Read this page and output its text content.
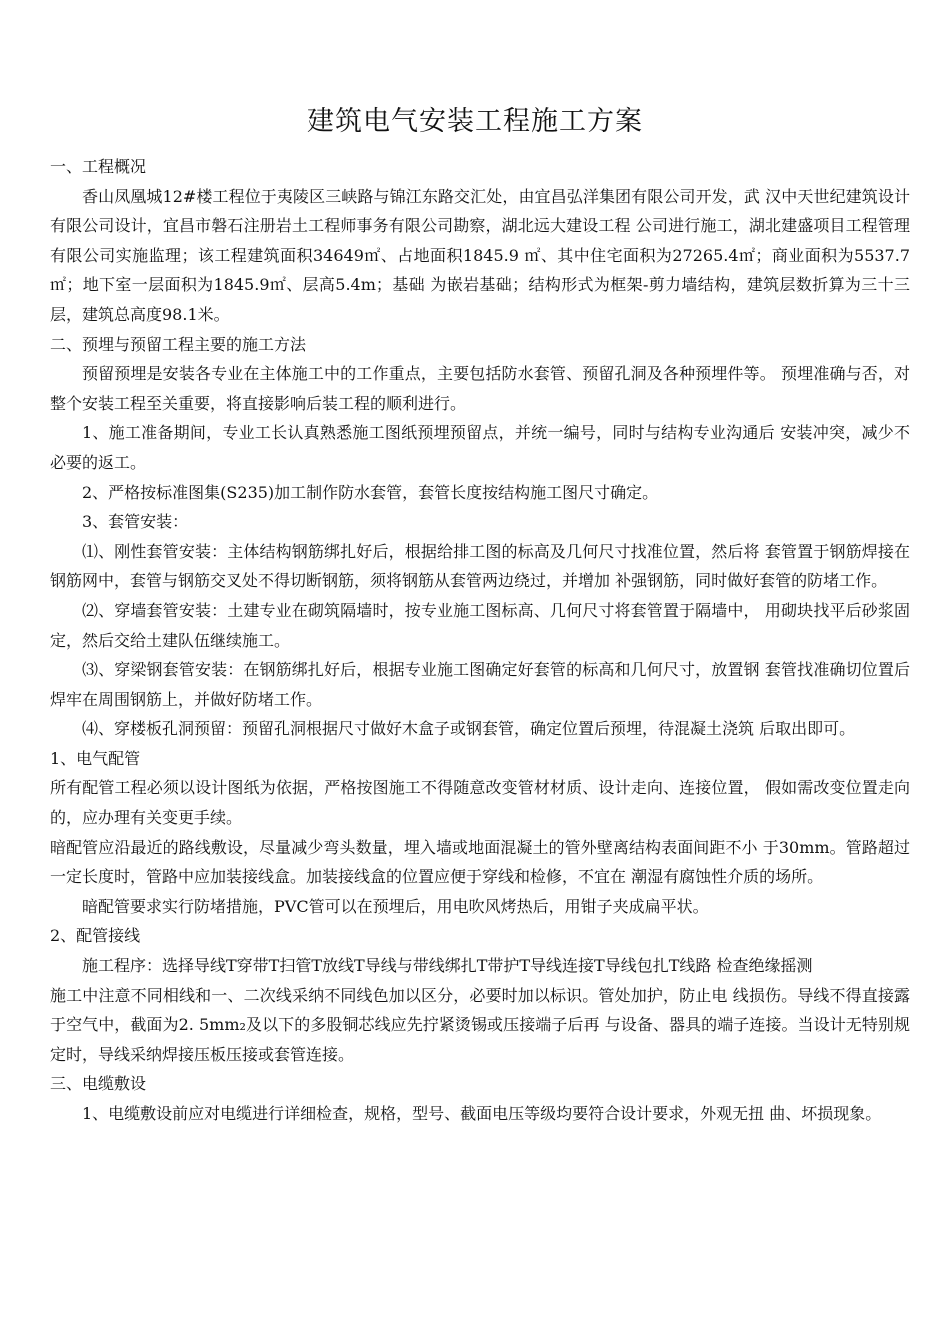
建筑电气安装工程施工方案

一、工程概况

香山凤凰城12#楼工程位于夷陵区三峡路与锦江东路交汇处，由宜昌弘洋集团有限公司开发，武 汉中天世纪建筑设计有限公司设计，宜昌市磐石注册岩土工程师事务有限公司勘察，湖北远大建设工程 公司进行施工，湖北建盛项目工程管理有限公司实施监理；该工程建筑面积34649㎡、占地面积1845.9 ㎡、其中住宅面积为27265.4㎡；商业面积为5537.7㎡；地下室一层面积为1845.9㎡、层高5.4m；基础 为嵌岩基础；结构形式为框架-剪力墙结构，建筑层数折算为三十三层，建筑总高度98.1米。

二、预埋与预留工程主要的施工方法

预留预埋是安装各专业在主体施工中的工作重点，主要包括防水套管、预留孔洞及各种预埋件等。 预埋准确与否，对整个安装工程至关重要，将直接影响后装工程的顺利进行。

1、施工准备期间，专业工长认真熟悉施工图纸预埋预留点，并统一编号，同时与结构专业沟通后 安装冲突，减少不必要的返工。

2、严格按标准图集(S235)加工制作防水套管，套管长度按结构施工图尺寸确定。

3、套管安装：

⑴、刚性套管安装：主体结构钢筋绑扎好后，根据给排工图的标高及几何尺寸找准位置，然后将 套管置于钢筋焊接在钢筋网中，套管与钢筋交叉处不得切断钢筋，须将钢筋从套管两边绕过，并增加 补强钢筋，同时做好套管的防堵工作。

⑵、穿墙套管安装：土建专业在砌筑隔墙时，按专业施工图标高、几何尺寸将套管置于隔墙中， 用砌块找平后砂浆固定，然后交给土建队伍继续施工。

⑶、穿梁钢套管安装：在钢筋绑扎好后，根据专业施工图确定好套管的标高和几何尺寸，放置钢 套管找准确切位置后焊牢在周围钢筋上，并做好防堵工作。

⑷、穿楼板孔洞预留：预留孔洞根据尺寸做好木盒子或钢套管，确定位置后预埋，待混凝土浇筑 后取出即可。

1、电气配管

所有配管工程必须以设计图纸为依据，严格按图施工不得随意改变管材材质、设计走向、连接位置， 假如需改变位置走向的，应办理有关变更手续。

暗配管应沿最近的路线敷设，尽量减少弯头数量，埋入墙或地面混凝土的管外壁离结构表面间距不小 于30mm。管路超过一定长度时，管路中应加装接线盒。加装接线盒的位置应便于穿线和检修，不宜在 潮湿有腐蚀性介质的场所。

暗配管要求实行防堵措施，PVC管可以在预埋后，用电吹风烤热后，用钳子夹成扁平状。

2、配管接线

施工程序：选择导线T穿带T扫管T放线T导线与带线绑扎T带护T导线连接T导线包扎T线路 检查绝缘摇测

施工中注意不同相线和一、二次线采纳不同线色加以区分，必要时加以标识。管处加护，防止电 线损伤。导线不得直接露于空气中，截面为2. 5mm₂及以下的多股铜芯线应先拧紧烫锡或压接端子后再 与设备、器具的端子连接。当设计无特别规定时，导线采纳焊接压板压接或套管连接。

三、电缆敷设

1、电缆敷设前应对电缆进行详细检查，规格，型号、截面电压等级均要符合设计要求，外观无扭 曲、坏损现象。
